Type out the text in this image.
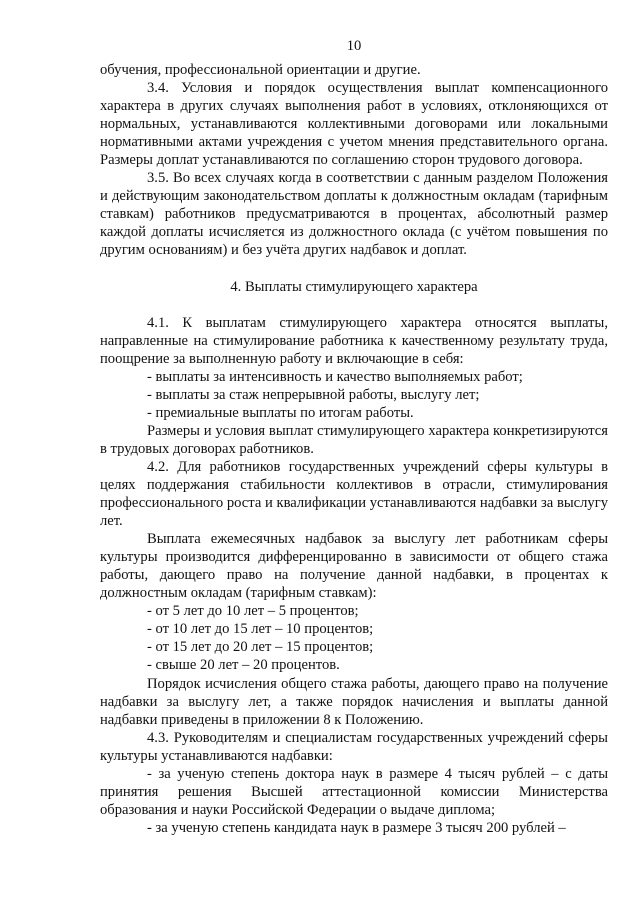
10

обучения, профессиональной ориентации и другие.

3.4. Условия и порядок осуществления выплат компенсационного характера в других случаях выполнения работ в условиях, отклоняющихся от нормальных, устанавливаются коллективными договорами или локальными нормативными актами учреждения с учетом мнения представительного органа. Размеры доплат устанавливаются по соглашению сторон трудового договора.

3.5. Во всех случаях когда в соответствии с данным разделом Положения и действующим законодательством доплаты к должностным окладам (тарифным ставкам) работников предусматриваются в процентах, абсолютный размер каждой доплаты исчисляется из должностного оклада (с учётом повышения по другим основаниям) и без учёта других надбавок и доплат.

4. Выплаты стимулирующего характера

4.1. К выплатам стимулирующего характера относятся выплаты, направленные на стимулирование работника к качественному результату труда, поощрение за выполненную работу и включающие в себя:

- выплаты за интенсивность и качество выполняемых работ;

- выплаты за стаж непрерывной работы, выслугу лет;

- премиальные выплаты по итогам работы.

Размеры и условия выплат стимулирующего характера конкретизируются в трудовых договорах работников.

4.2. Для работников государственных учреждений сферы культуры в целях поддержания стабильности коллективов в отрасли, стимулирования профессионального роста и квалификации устанавливаются надбавки за выслугу лет.

Выплата ежемесячных надбавок за выслугу лет работникам сферы культуры производится дифференцированно в зависимости от общего стажа работы, дающего право на получение данной надбавки, в процентах к должностным окладам (тарифным ставкам):

- от 5 лет до 10 лет – 5 процентов;

- от 10 лет до 15 лет – 10 процентов;

- от 15 лет до 20 лет – 15 процентов;

- свыше 20 лет – 20 процентов.

Порядок исчисления общего стажа работы, дающего право на получение надбавки за выслугу лет, а также порядок начисления и выплаты данной надбавки приведены в приложении 8 к Положению.

4.3. Руководителям и специалистам государственных учреждений сферы культуры устанавливаются надбавки:

- за ученую степень доктора наук в размере 4 тысяч рублей – с даты принятия решения Высшей аттестационной комиссии Министерства образования и науки Российской Федерации о выдаче диплома;

- за ученую степень кандидата наук в размере 3 тысяч 200 рублей –
